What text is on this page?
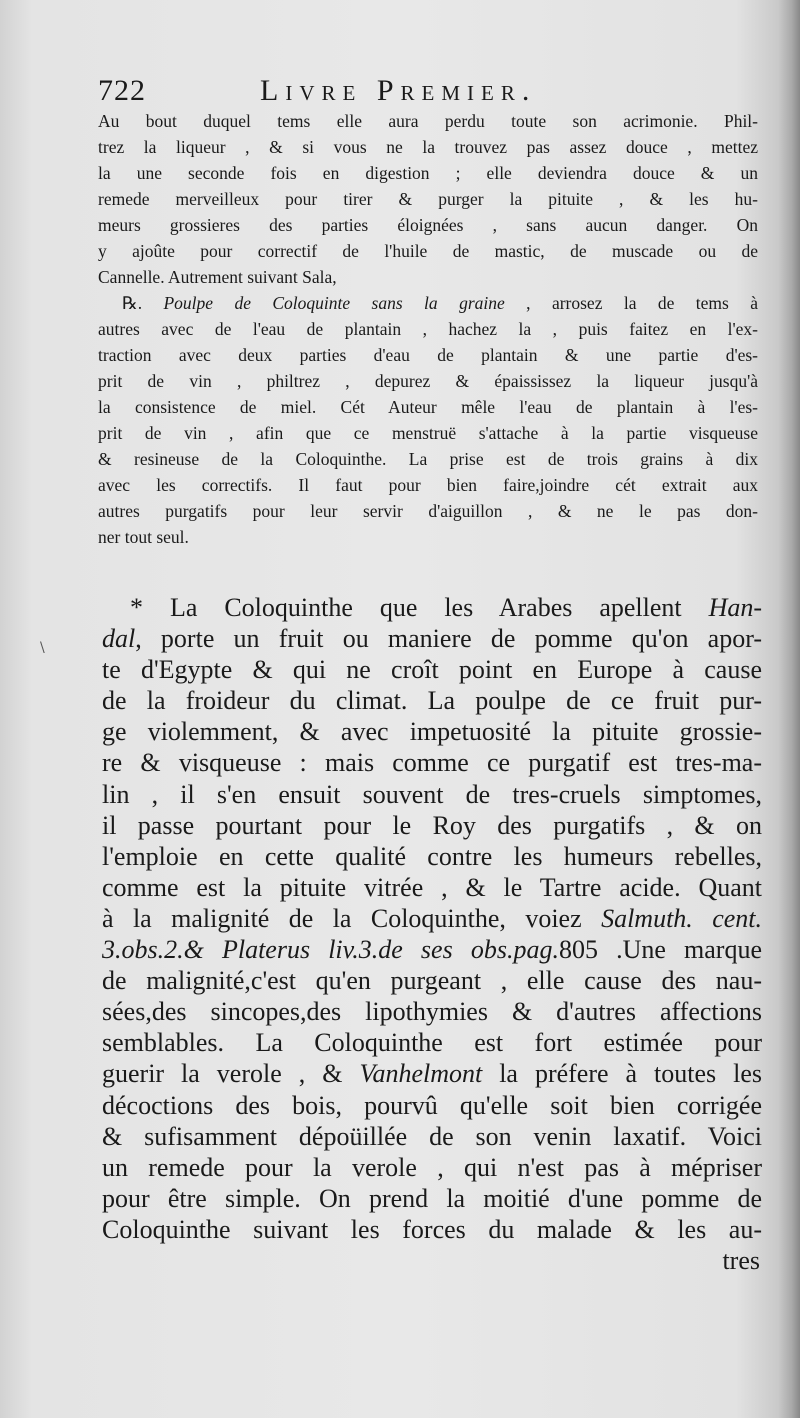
\
722	Livre Premier.
Au bout duquel tems elle aura perdu toute son acrimonie. Phil-
trez la liqueur , & si vous ne la trouvez pas assez douce , mettez
la une seconde fois en digestion ; elle deviendra douce & un
remede merveilleux pour tirer & purger la pituite , & les hu-
meurs grossieres des parties éloignées , sans aucun danger. On
y ajoûte pour correctif de l'huile de mastic, de muscade ou de
Cannelle. Autrement suivant Sala,
℞. Poulpe de Coloquinte sans la graine , arrosez la de tems à
autres avec de l'eau de plantain , hachez la , puis faitez en l'ex-
traction avec deux parties d'eau de plantain & une partie d'es-
prit de vin , philtrez , depurez & épaississez la liqueur jusqu'à
la consistence de miel. Cét Auteur mêle l'eau de plantain à l'es-
prit de vin , afin que ce menstruë s'attache à la partie visqueuse
& resineuse de la Coloquinthe. La prise est de trois grains à dix
avec les correctifs. Il faut pour bien faire,joindre cét extrait aux
autres purgatifs pour leur servir d'aiguillon , & ne le pas don-
ner tout seul.
* La Coloquinthe que les Arabes apellent Han-
dal, porte un fruit ou maniere de pomme qu'on apor-
te d'Egypte & qui ne croît point en Europe à cause
de la froideur du climat. La poulpe de ce fruit pur-
ge violemment, & avec impetuosité la pituite grossie-
re & visqueuse : mais comme ce purgatif est tres-ma-
lin , il s'en ensuit souvent de tres-cruels simptomes,
il passe pourtant pour le Roy des purgatifs , & on
l'emploie en cette qualité contre les humeurs rebelles,
comme est la pituite vitrée , & le Tartre acide. Quant
à la malignité de la Coloquinthe, voiez Salmuth. cent.
3.obs.2.& Platerus liv.3.de ses obs.pag.805 .Une marque
de malignité,c'est qu'en purgeant , elle cause des nau-
sées,des sincopes,des lipothymies & d'autres affections
semblables. La Coloquinthe est fort estimée pour
guerir la verole , & Vanhelmont la préfere à toutes les
décoctions des bois, pourvû qu'elle soit bien corrigée
& sufisamment dépoüillée de son venin laxatif. Voici
un remede pour la verole , qui n'est pas à mépriser
pour être simple. On prend la moitié d'une pomme de
Coloquinthe suivant les forces du malade & les au-
tres
